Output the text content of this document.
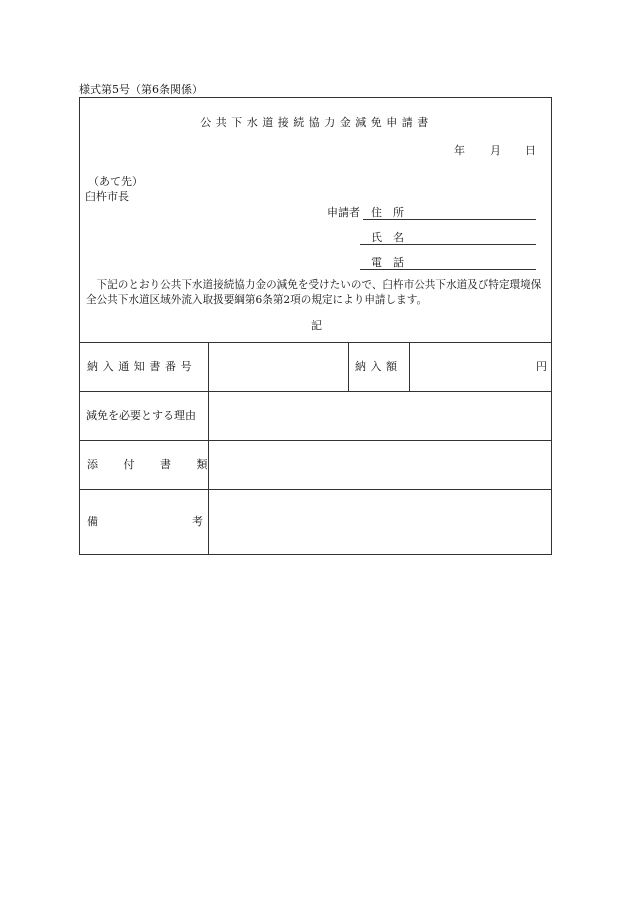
様式第5号（第6条関係）
公共下水道接続協力金減免申請書
年 月 日
（あて先）
臼杵市長
申請者 住　所
氏　名
電　話
　下記のとおり公共下水道接続協力金の減免を受けたいので、臼杵市公共下水道及び特定環境保全公共下水道区域外流入取扱要綱第6条第2項の規定により申請します。
記
納入通知書番号	納入額	円
減免を必要とする理由
添付書類
備考
